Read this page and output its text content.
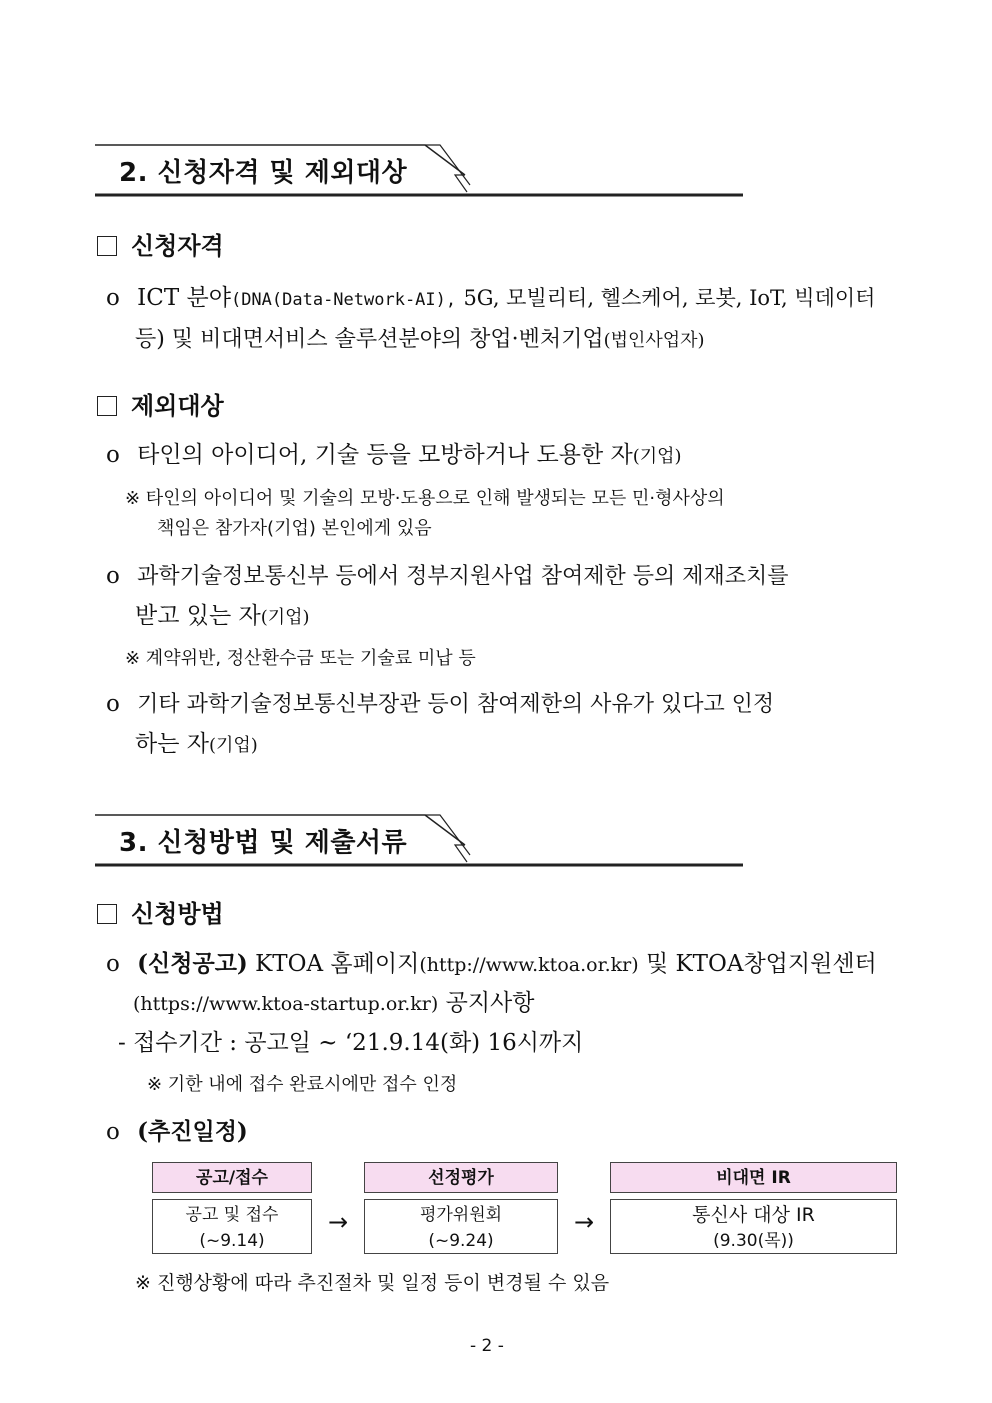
2. 신청자격 및 제외대상
신청자격
o ICT 분야(DNA(Data-Network-AI), 5G, 모빌리티, 헬스케어, 로봇, IoT, 빅데이터
등) 및 비대면서비스 솔루션분야의 창업·벤처기업(법인사업자)
제외대상
o 타인의 아이디어, 기술 등을 모방하거나 도용한 자(기업)
※ 타인의 아이디어 및 기술의 모방·도용으로 인해 발생되는 모든 민·형사상의
책임은 참가자(기업) 본인에게 있음
o 과학기술정보통신부 등에서 정부지원사업 참여제한 등의 제재조치를
받고 있는 자(기업)
※ 계약위반, 정산환수금 또는 기술료 미납 등
o 기타 과학기술정보통신부장관 등이 참여제한의 사유가 있다고 인정
하는 자(기업)
3. 신청방법 및 제출서류
신청방법
o (신청공고) KTOA 홈페이지(http://www.ktoa.or.kr) 및 KTOA창업지원센터
(https://www.ktoa-startup.or.kr) 공지사항
- 접수기간 : 공고일 ~ ‘21.9.14(화) 16시까지
※ 기한 내에 접수 완료시에만 접수 인정
o (추진일정)
공고/접수
공고 및 접수
(~9.14)
→
선정평가
평가위원회
(~9.24)
→
비대면 IR
통신사 대상 IR
(9.30(목))
※ 진행상황에 따라 추진절차 및 일정 등이 변경될 수 있음
- 2 -
